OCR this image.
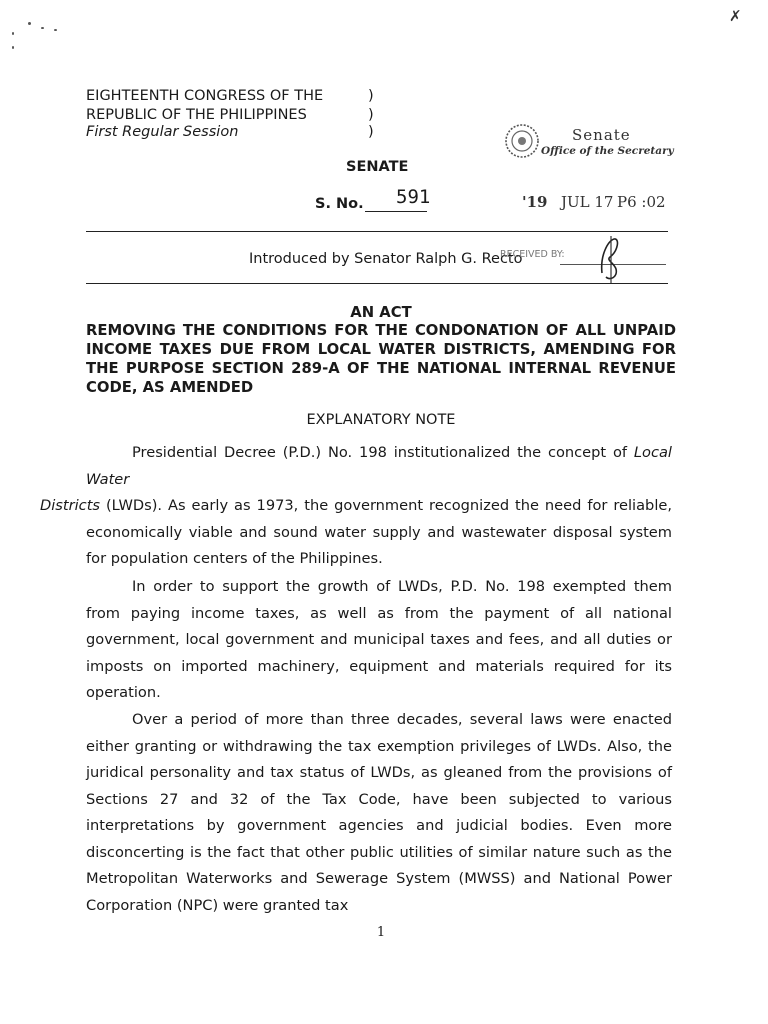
✗
EIGHTEENTH CONGRESS OF THE
REPUBLIC OF THE PHILIPPINES
First Regular Session
)
)
)
SENATE
Senate
Office of the Secretary
S. No. 591	'19 JUL 17 P6 :02
Introduced by Senator Ralph G. Recto
RECEIVED BY:
AN ACT
REMOVING THE CONDITIONS FOR THE CONDONATION OF ALL UNPAID INCOME TAXES DUE FROM LOCAL WATER DISTRICTS, AMENDING FOR THE PURPOSE SECTION 289-A OF THE NATIONAL INTERNAL REVENUE CODE, AS AMENDED
EXPLANATORY NOTE

Presidential Decree (P.D.) No. 198 institutionalized the concept of Local Water
Districts (LWDs). As early as 1973, the government recognized the need for reliable, economically viable and sound water supply and wastewater disposal system for population centers of the Philippines.

In order to support the growth of LWDs, P.D. No. 198 exempted them from paying income taxes, as well as from the payment of all national government, local government and municipal taxes and fees, and all duties or imposts on imported machinery, equipment and materials required for its operation.

Over a period of more than three decades, several laws were enacted either granting or withdrawing the tax exemption privileges of LWDs. Also, the juridical personality and tax status of LWDs, as gleaned from the provisions of Sections 27 and 32 of the Tax Code, have been subjected to various interpretations by government agencies and judicial bodies. Even more disconcerting is the fact that other public utilities of similar nature such as the Metropolitan Waterworks and Sewerage System (MWSS) and National Power Corporation (NPC) were granted tax

1
